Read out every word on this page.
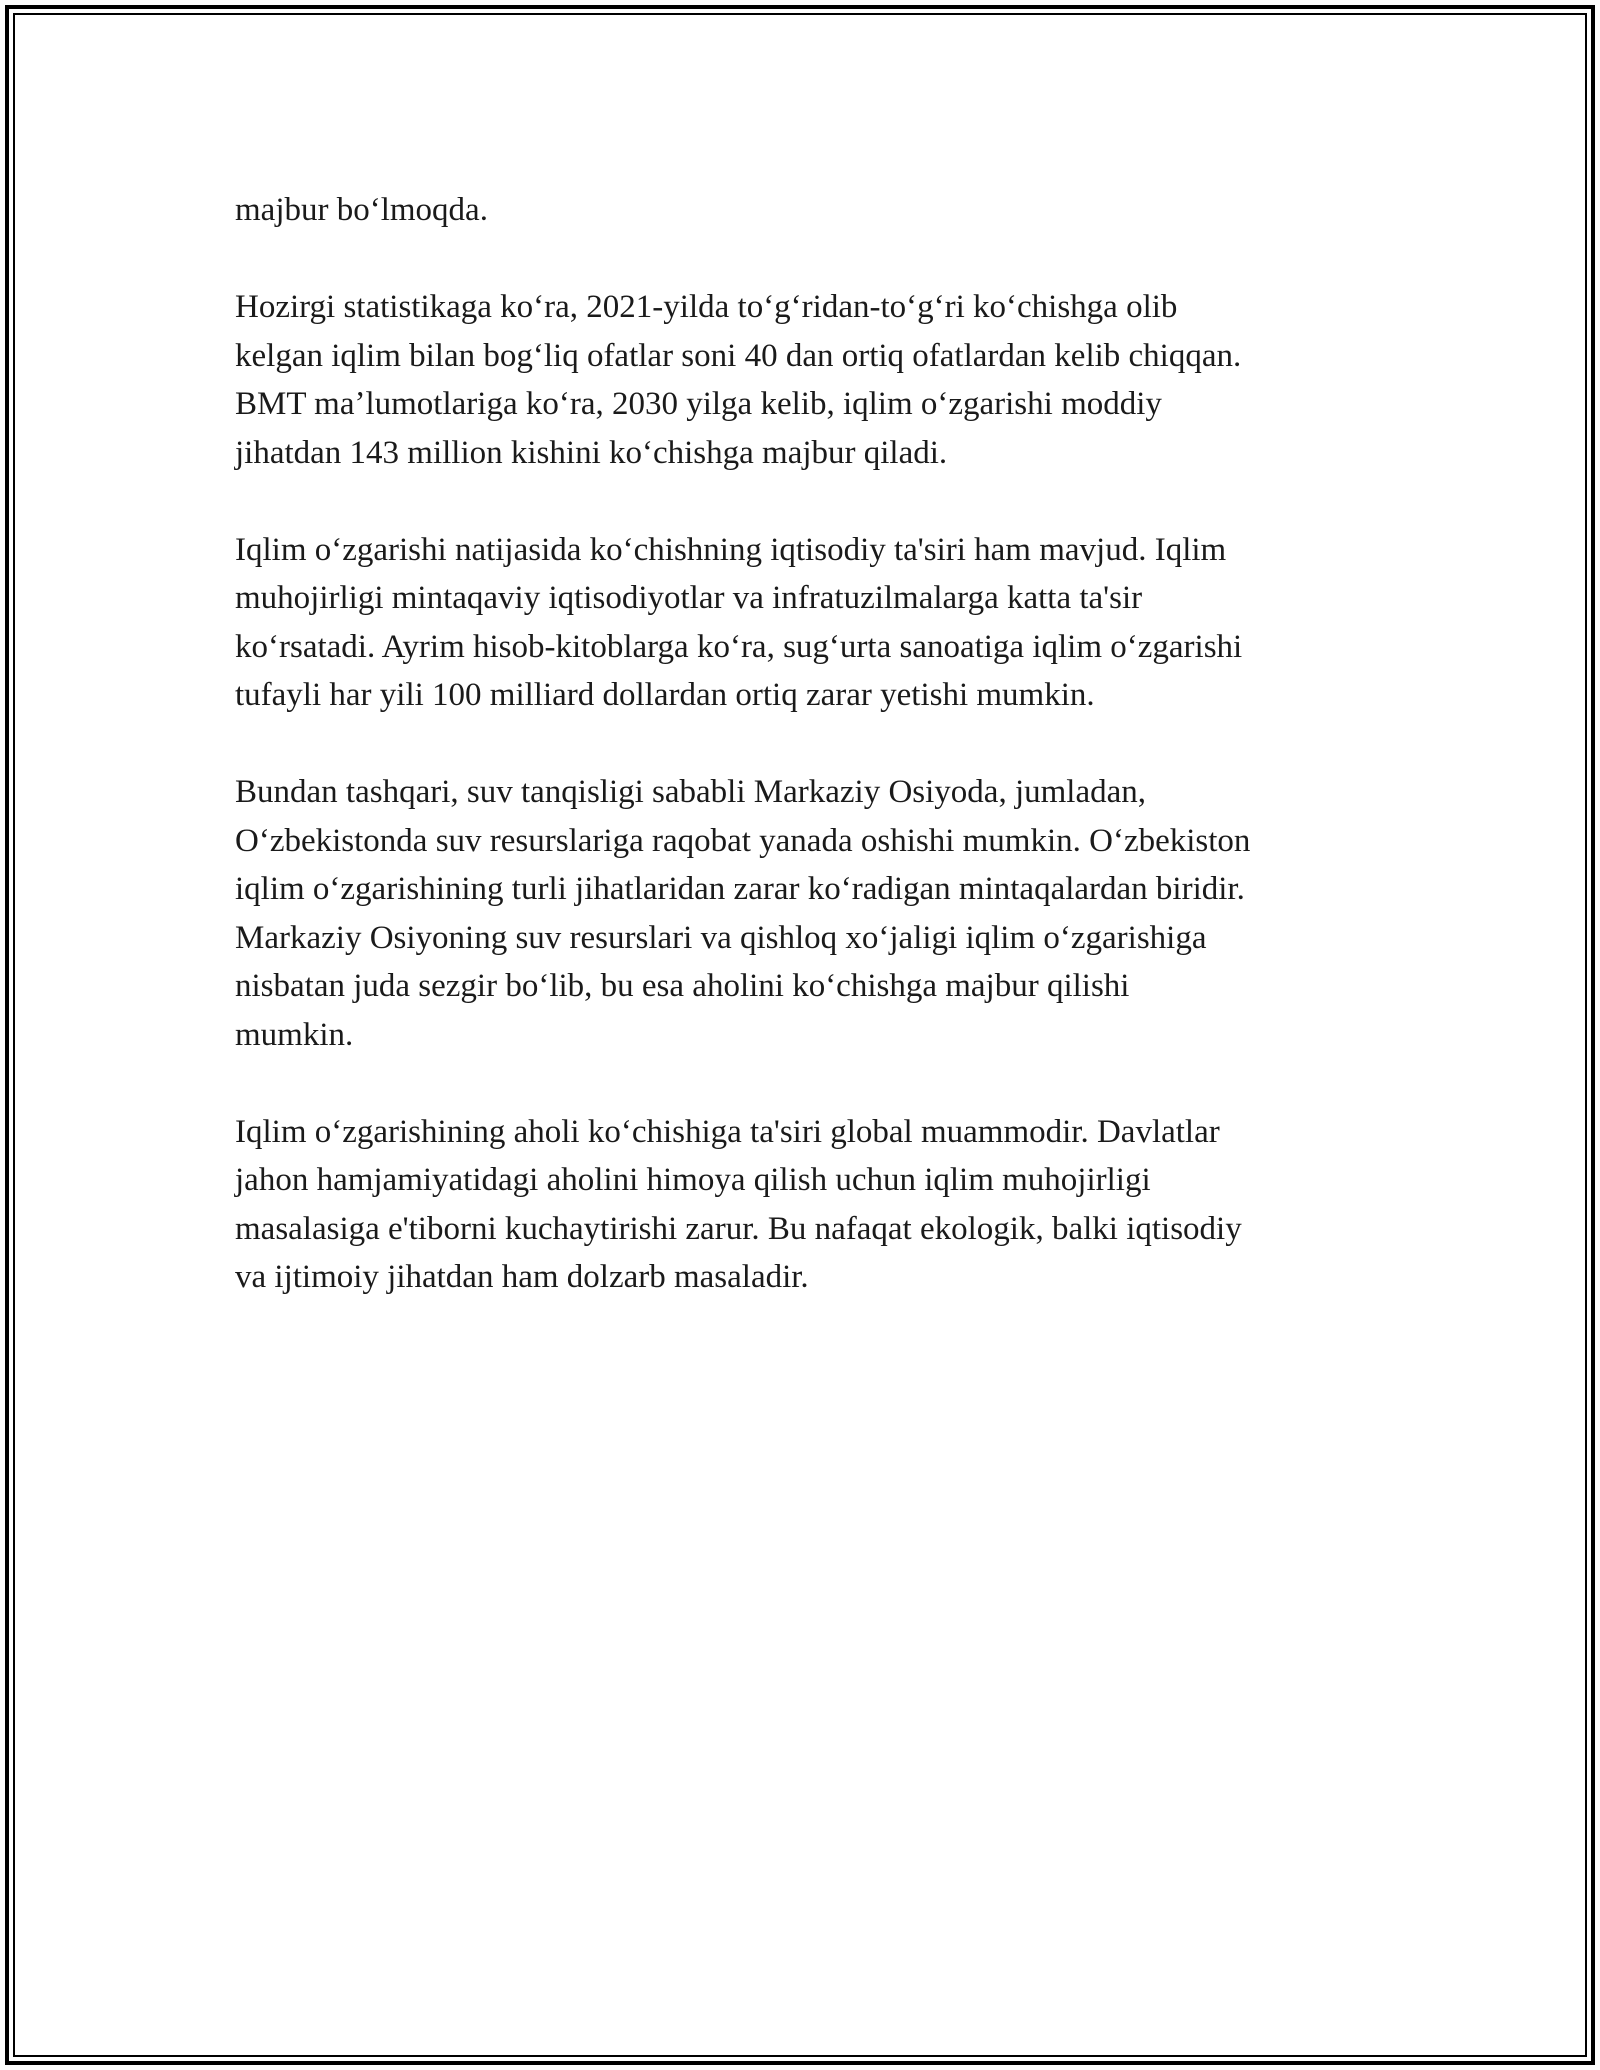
majbur boʻlmoqda.

Hozirgi statistikaga koʻra, 2021-yilda toʻgʻridan-toʻgʻri koʻchishga olib
kelgan iqlim bilan bogʻliq ofatlar soni 40 dan ortiq ofatlardan kelib chiqqan.
BMT maʼlumotlariga koʻra, 2030 yilga kelib, iqlim oʻzgarishi moddiy
jihatdan 143 million kishini koʻchishga majbur qiladi.

Iqlim oʻzgarishi natijasida koʻchishning iqtisodiy ta'siri ham mavjud. Iqlim
muhojirligi mintaqaviy iqtisodiyotlar va infratuzilmalarga katta ta'sir
koʻrsatadi. Ayrim hisob-kitoblarga koʻra, sugʻurta sanoatiga iqlim oʻzgarishi
tufayli har yili 100 milliard dollardan ortiq zarar yetishi mumkin.

Bundan tashqari, suv tanqisligi sababli Markaziy Osiyoda, jumladan,
Oʻzbekistonda suv resurslariga raqobat yanada oshishi mumkin. Oʻzbekiston
iqlim oʻzgarishining turli jihatlaridan zarar koʻradigan mintaqalardan biridir.
Markaziy Osiyoning suv resurslari va qishloq xoʻjaligi iqlim oʻzgarishiga
nisbatan juda sezgir boʻlib, bu esa aholini koʻchishga majbur qilishi
mumkin.

Iqlim oʻzgarishining aholi koʻchishiga ta'siri global muammodir. Davlatlar
jahon hamjamiyatidagi aholini himoya qilish uchun iqlim muhojirligi
masalasiga e'tiborni kuchaytirishi zarur. Bu nafaqat ekologik, balki iqtisodiy
va ijtimoiy jihatdan ham dolzarb masaladir.
